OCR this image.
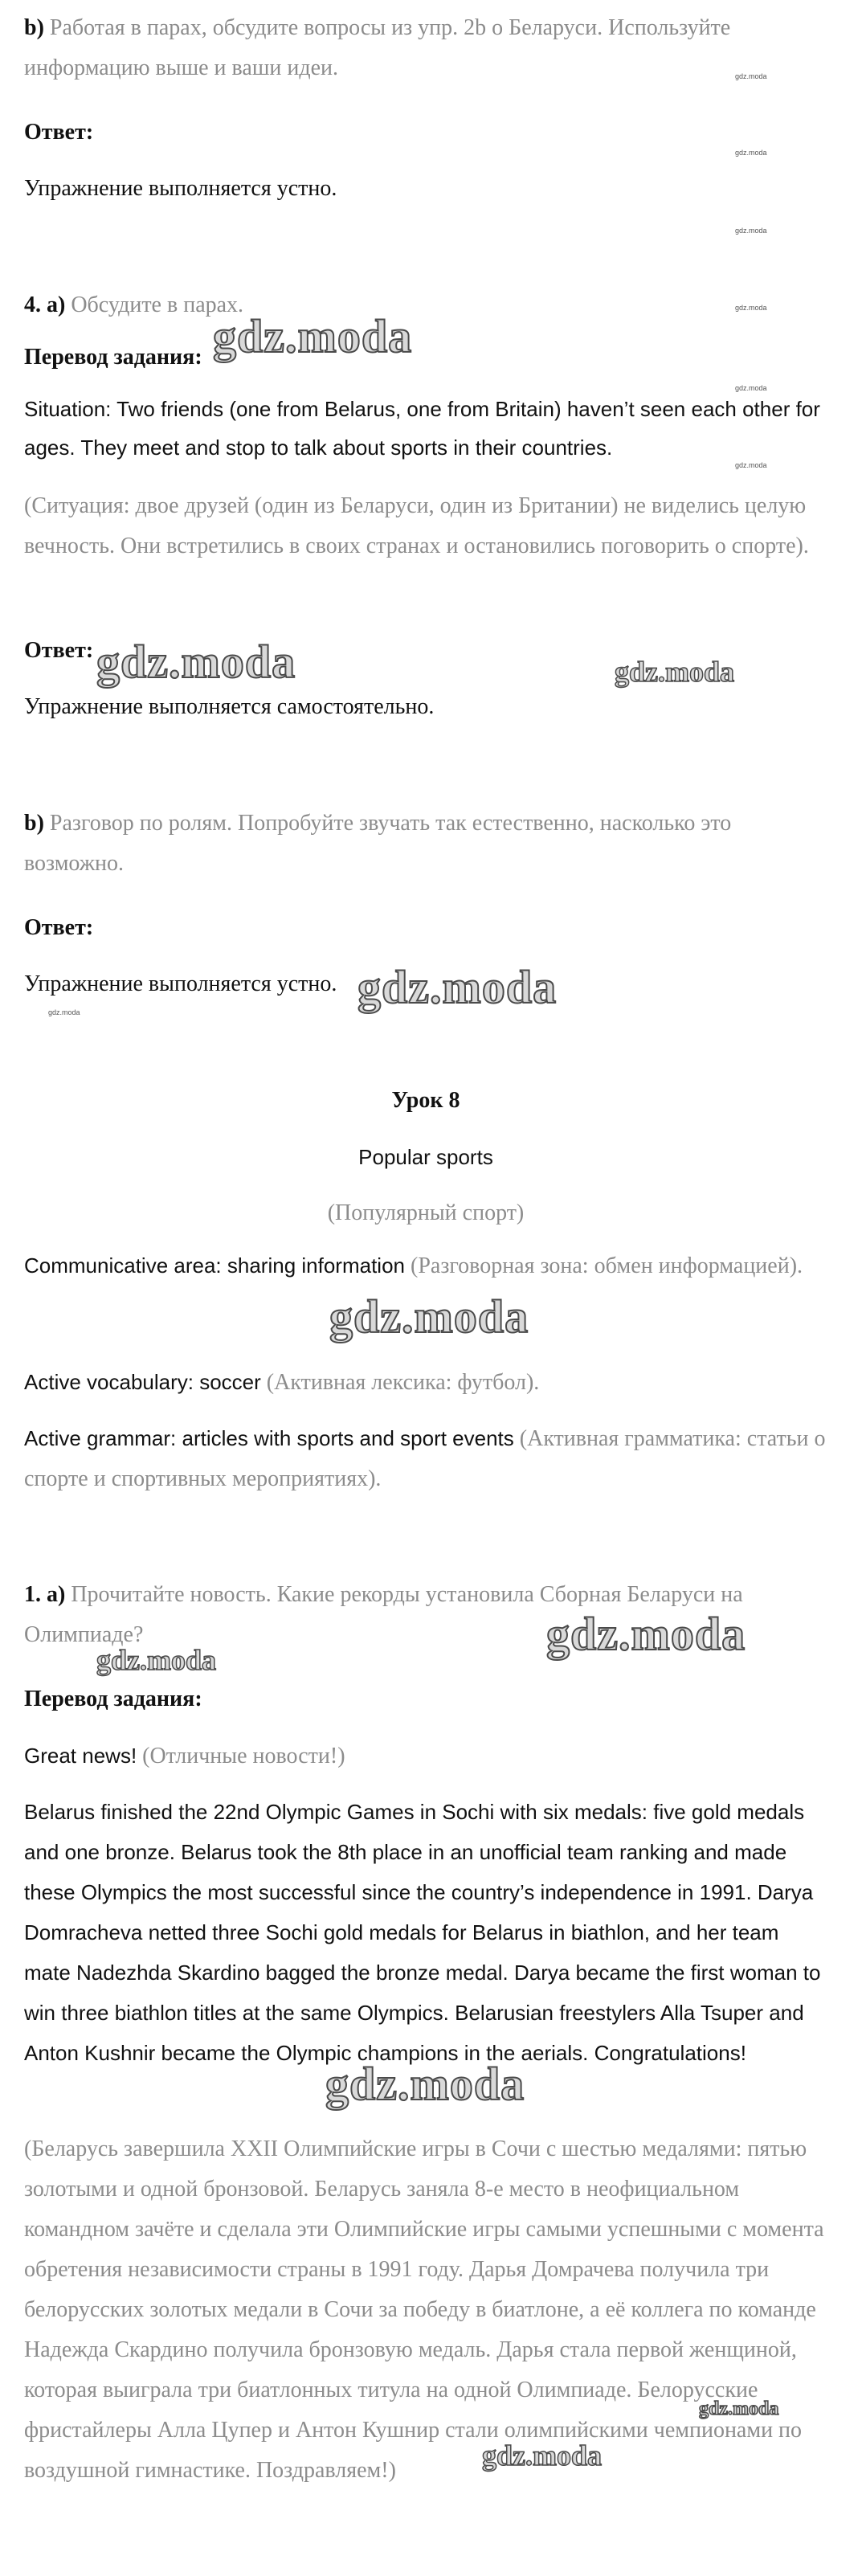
b) Работая в парах, обсудите вопросы из упр. 2b о Беларуси. Используйте информацию выше и ваши идеи.

Ответ:

Упражнение выполняется устно.

4. a) Обсудите в парах.

Перевод задания:

Situation: Two friends (one from Belarus, one from Britain) haven’t seen each other for ages. They meet and stop to talk about sports in their countries.

(Ситуация: двое друзей (один из Беларуси, один из Британии) не виделись целую вечность. Они встретились в своих странах и остановились поговорить о спорте).

Ответ:

Упражнение выполняется самостоятельно.

b) Разговор по ролям. Попробуйте звучать так естественно, насколько это возможно.

Ответ:

Упражнение выполняется устно.

Урок 8

Popular sports

(Популярный спорт)

Communicative area: sharing information (Разговорная зона: обмен информацией).

Active vocabulary: soccer (Активная лексика: футбол).

Active grammar: articles with sports and sport events (Активная грамматика: статьи о спорте и спортивных мероприятиях).

1. a) Прочитайте новость. Какие рекорды установила Сборная Беларуси на Олимпиаде?

Перевод задания:

Great news! (Отличные новости!)

Belarus finished the 22nd Olympic Games in Sochi with six medals: five gold medals and one bronze. Belarus took the 8th place in an unofficial team ranking and made these Olympics the most successful since the country’s independence in 1991. Darya Domracheva netted three Sochi gold medals for Belarus in biathlon, and her team mate Nadezhda Skardino bagged the bronze medal. Darya became the first woman to win three biathlon titles at the same Olympics. Belarusian freestylers Alla Tsuper and Anton Kushnir became the Olympic champions in the aerials. Congratulations!

(Беларусь завершила XXII Олимпийские игры в Сочи с шестью медалями: пятью золотыми и одной бронзовой. Беларусь заняла 8-е место в неофициальном командном зачёте и сделала эти Олимпийские игры самыми успешными с момента обретения независимости страны в 1991 году. Дарья Домрачева получила три белорусских золотых медали в Сочи за победу в биатлоне, а её коллега по команде Надежда Скардино получила бронзовую медаль. Дарья стала первой женщиной, которая выиграла три биатлонных титула на одной Олимпиаде. Белорусские фристайлеры Алла Цупер и Антон Кушнир стали олимпийскими чемпионами по воздушной гимнастике. Поздравляем!)

gdz.moda
gdz.moda
gdz.moda
gdz.moda
gdz.moda
gdz.moda
gdz.moda
gdz.moda
gdz.moda	gdz.moda
gdz.moda
gdz.moda
gdz.moda	gdz.moda
gdz.moda
gdz.moda
gdz.moda
